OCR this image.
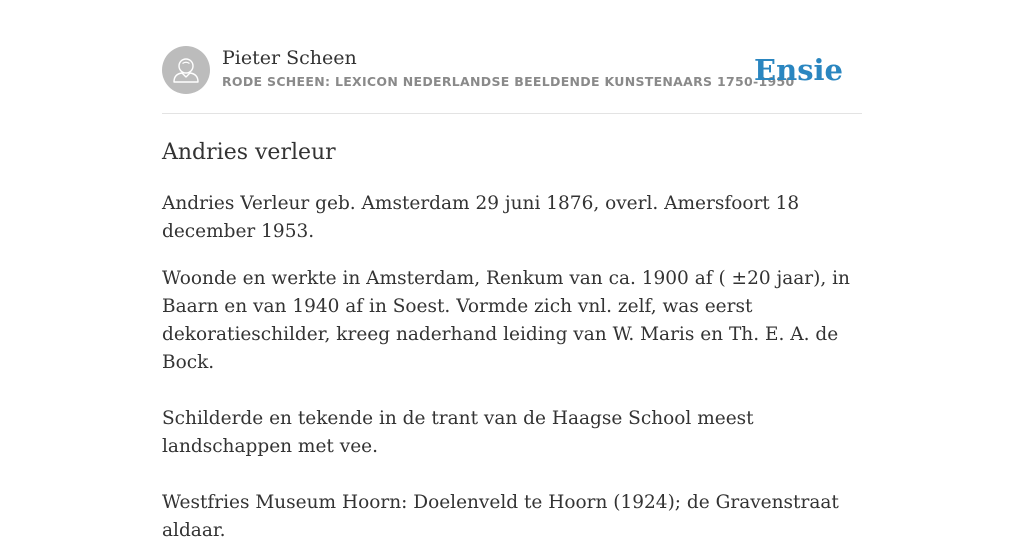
Pieter Scheen
RODE SCHEEN: LEXICON NEDERLANDSE BEELDENDE KUNSTENAARS 1750-1950
Ensie
Andries verleur

Andries Verleur geb. Amsterdam 29 juni 1876, overl. Amersfoort 18 december 1953.

Woonde en werkte in Amsterdam, Renkum van ca. 1900 af ( ±20 jaar), in Baarn en van 1940 af in Soest. Vormde zich vnl. zelf, was eerst dekoratieschilder, kreeg naderhand leiding van W. Maris en Th. E. A. de Bock.

Schilderde en tekende in de trant van de Haagse School meest landschappen met vee.

Westfries Museum Hoorn: Doelenveld te Hoorn (1924); de Gravenstraat aldaar.
